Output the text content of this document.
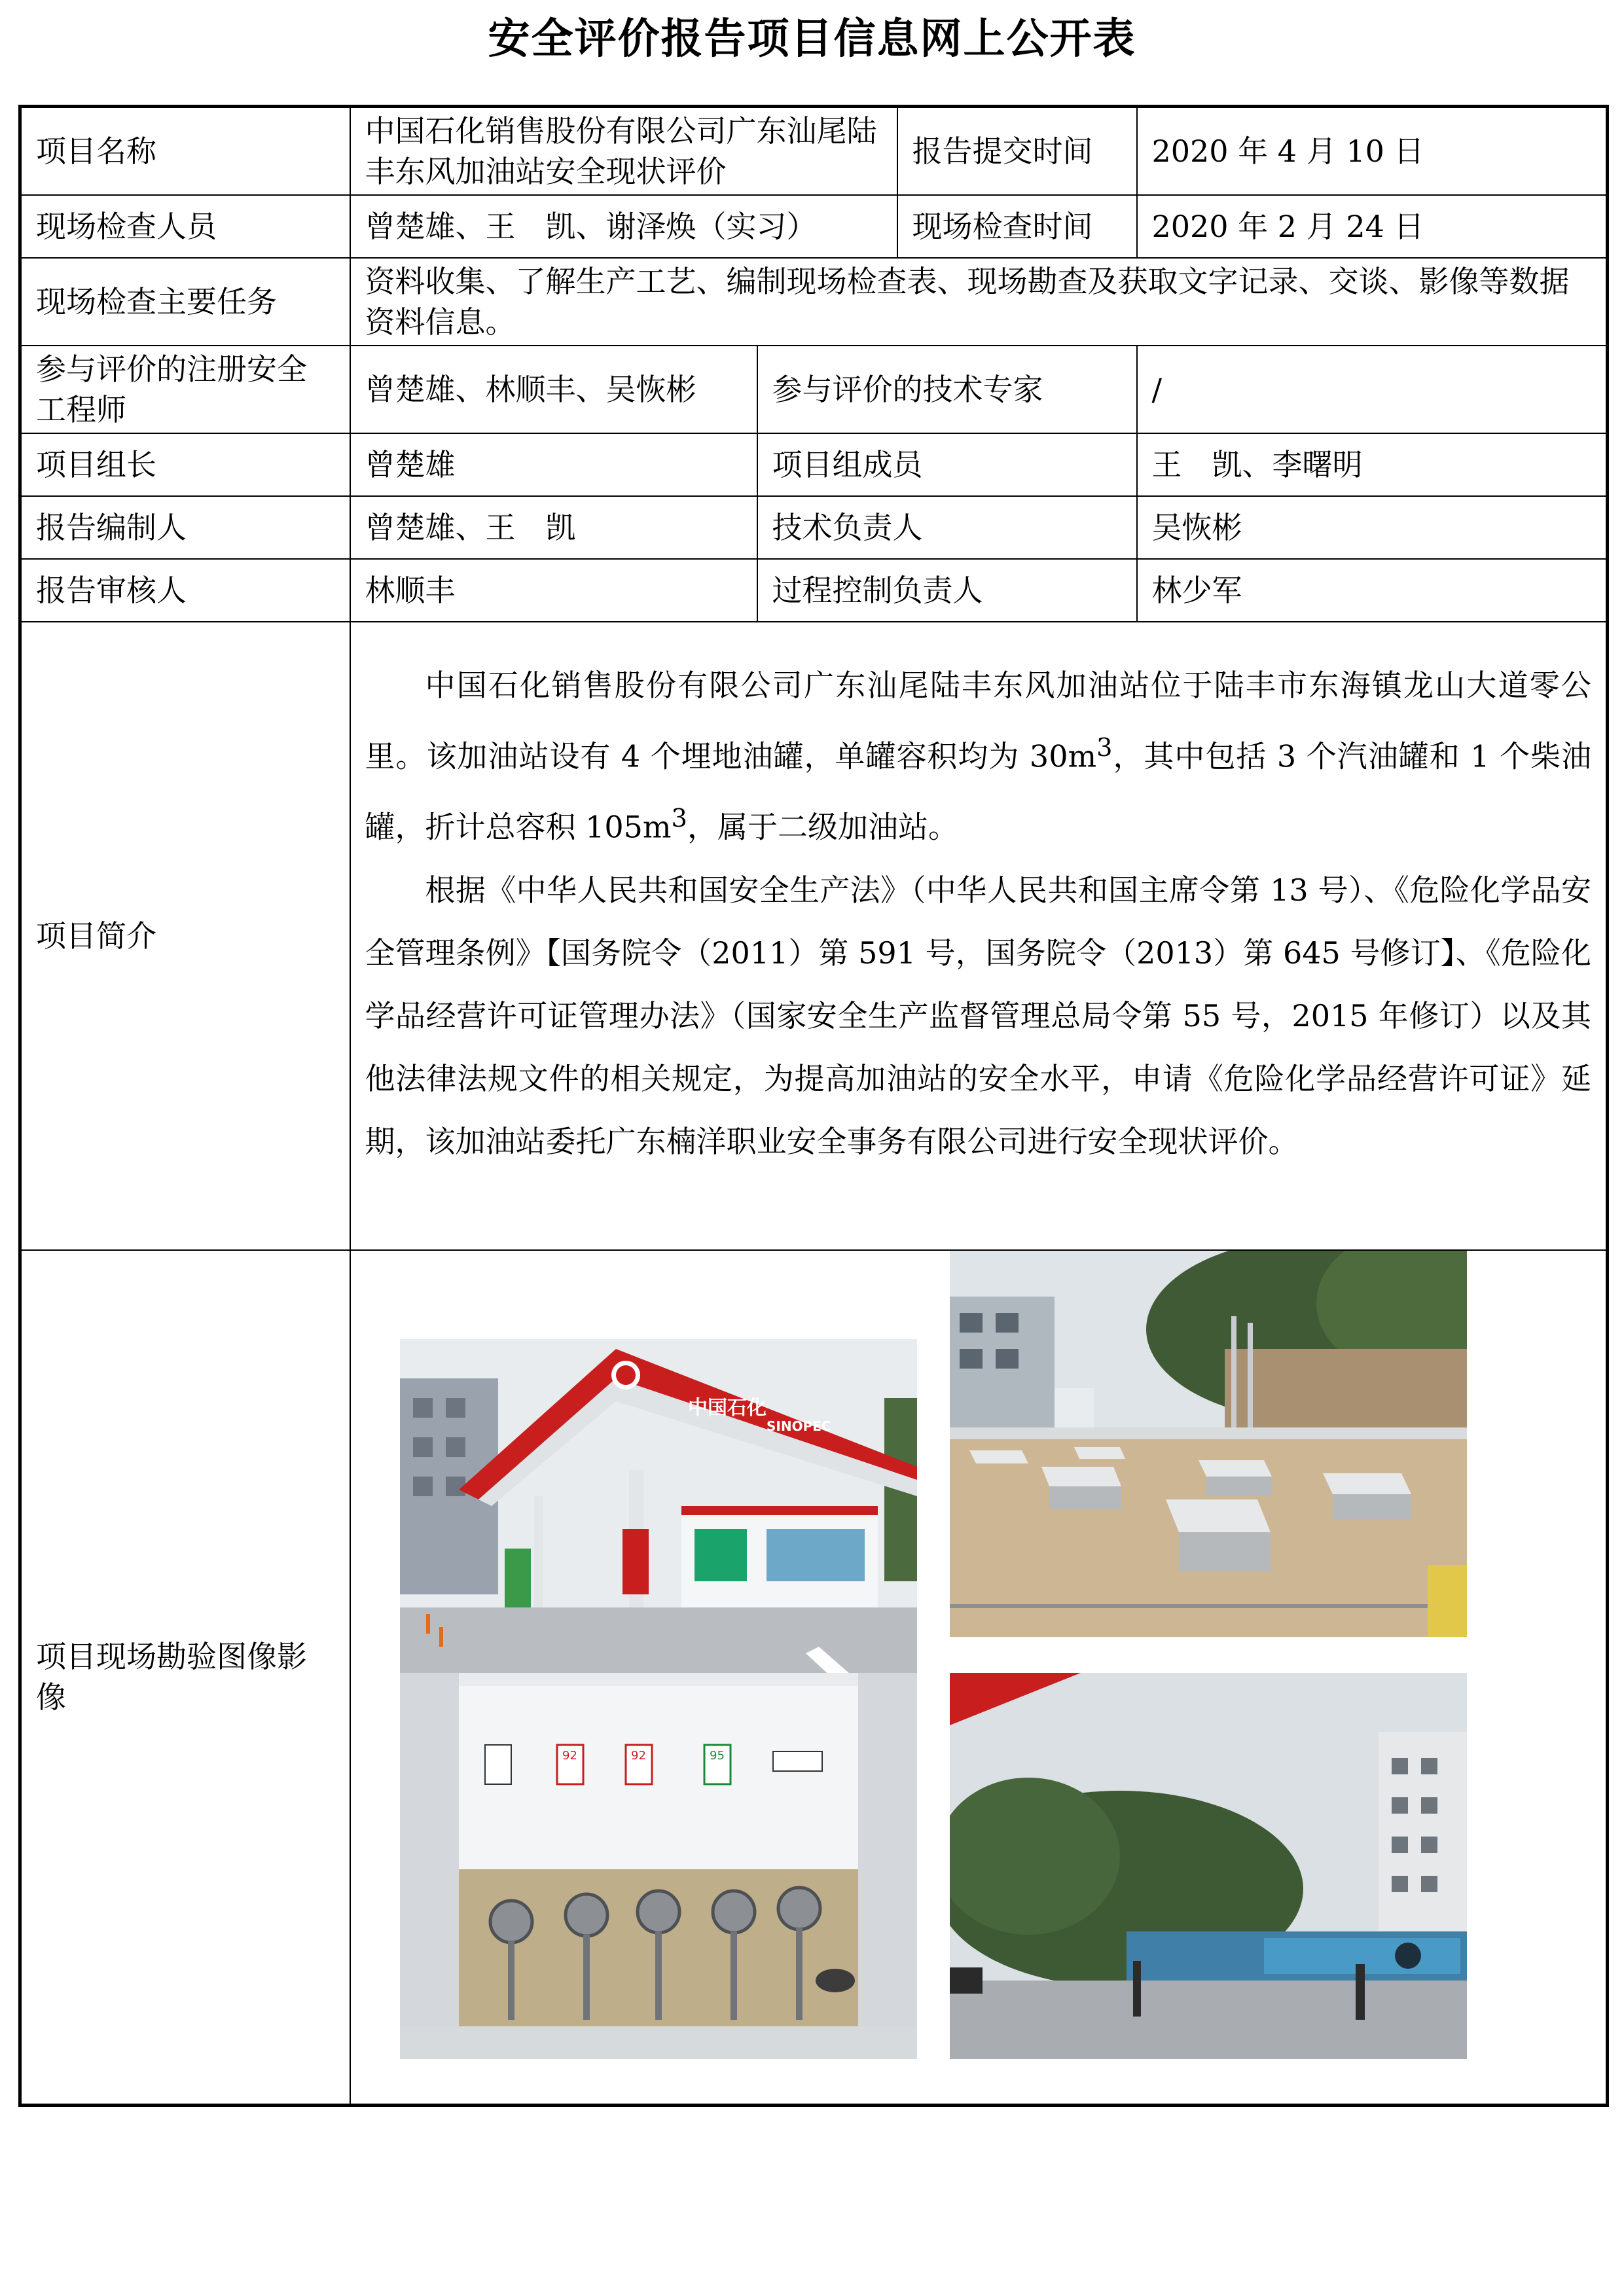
安全评价报告项目信息网上公开表
项目名称	中国石化销售股份有限公司广东汕尾陆丰东风加油站安全现状评价		报告提交时间	2020 年 4 月 10 日
现场检查人员	曾楚雄、王　凯、谢泽焕（实习）		现场检查时间	2020 年 2 月 24 日
现场检查主要任务	资料收集、了解生产工艺、编制现场检查表、现场勘查及获取文字记录、交谈、影像等数据资料信息。			
参与评价的注册安全工程师	曾楚雄、林顺丰、吴恢彬	参与评价的技术专家		/
项目组长	曾楚雄	项目组成员		王　凯、李曙明
报告编制人	曾楚雄、王　凯	技术负责人		吴恢彬
报告审核人	林顺丰	过程控制负责人		林少军
项目简介	中国石化销售股份有限公司广东汕尾陆丰东风加油站位于陆丰市东海镇龙山大道零公里。该加油站设有 4 个埋地油罐，单罐容积均为 $30m^3$，其中包括 3 个汽油罐和 1 个柴油罐，折计总容积 $105m^3$，属于二级加油站。

根据《中华人民共和国安全生产法》（中华人民共和国主席令第 13 号）、《危险化学品安全管理条例》【国务院令（2011）第 591 号，国务院令（2013）第 645 号修订】、《危险化学品经营许可证管理办法》（国家安全生产监督管理总局令第 55 号，2015 年修订）以及其他法律法规文件的相关规定，为提高加油站的安全水平，申请《危险化学品经营许可证》延期，该加油站委托广东楠洋职业安全事务有限公司进行安全现状评价。			

项目现场勘验图像影像	中国石化
SINOPEC
92 92 95			
